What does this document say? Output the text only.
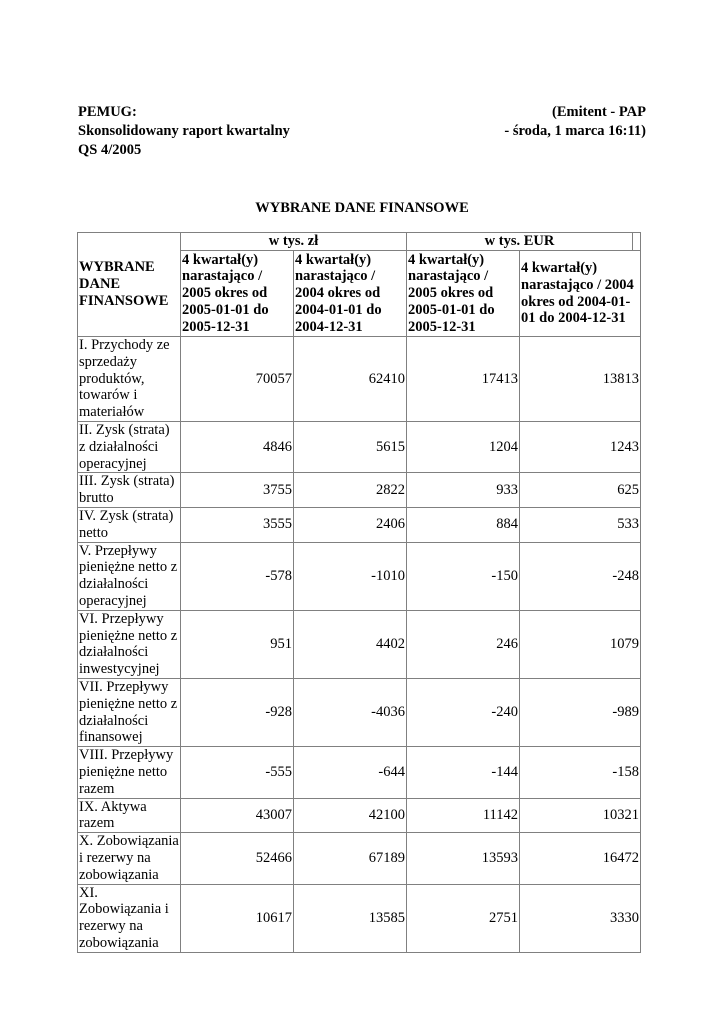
PEMUG:
Skonsolidowany raport kwartalny
QS 4/2005
(Emitent - PAP
- środa, 1 marca 16:11)
WYBRANE DANE FINANSOWE
WYBRANE DANE FINANSOWE	w tys. zł		w tys. EUR		
	4 kwartał(y) narastająco / 2005 okres od 2005-01-01 do 2005-12-31	4 kwartał(y) narastająco / 2004 okres od 2004-01-01 do 2004-12-31	4 kwartał(y) narastająco / 2005 okres od 2005-01-01 do 2005-12-31	4 kwartał(y) narastająco / 2004 okres od 2004-01-01 do 2004-12-31	
I. Przychody ze sprzedaży produktów, towarów i materiałów	70057	62410	17413	13813	
II. Zysk (strata) z działalności operacyjnej	4846	5615	1204	1243	
III. Zysk (strata) brutto	3755	2822	933	625	
IV. Zysk (strata) netto	3555	2406	884	533	
V. Przepływy pieniężne netto z działalności operacyjnej	-578	-1010	-150	-248	
VI. Przepływy pieniężne netto z działalności inwestycyjnej	951	4402	246	1079	
VII. Przepływy pieniężne netto z działalności finansowej	-928	-4036	-240	-989	
VIII. Przepływy pieniężne netto razem	-555	-644	-144	-158	
IX. Aktywa razem	43007	42100	11142	10321	
X. Zobowiązania i rezerwy na zobowiązania	52466	67189	13593	16472	
XI. Zobowiązania i rezerwy na zobowiązania	10617	13585	2751	3330	
